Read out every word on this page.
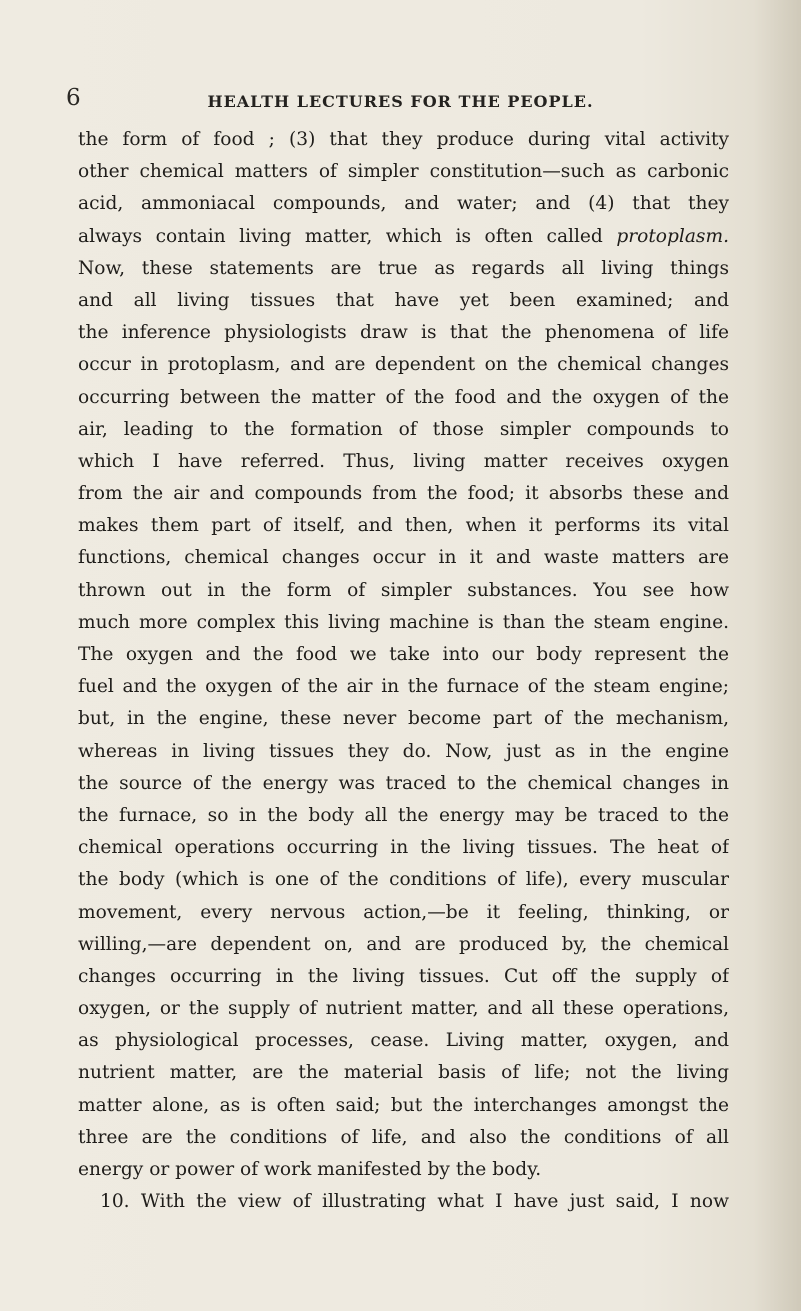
6	HEALTH LECTURES FOR THE PEOPLE.
the form of food ; (3) that they produce during vital activity
other chemical matters of simpler constitution—such as carbonic
acid, ammoniacal compounds, and water; and (4) that they
always contain living matter, which is often called protoplasm.
Now, these statements are true as regards all living things
and all living tissues that have yet been examined; and
the inference physiologists draw is that the phenomena of life
occur in protoplasm, and are dependent on the chemical changes
occurring between the matter of the food and the oxygen of the
air, leading to the formation of those simpler compounds to
which I have referred. Thus, living matter receives oxygen
from the air and compounds from the food; it absorbs these and
makes them part of itself, and then, when it performs its vital
functions, chemical changes occur in it and waste matters are
thrown out in the form of simpler substances. You see how
much more complex this living machine is than the steam engine.
The oxygen and the food we take into our body represent the
fuel and the oxygen of the air in the furnace of the steam engine;
but, in the engine, these never become part of the mechanism,
whereas in living tissues they do. Now, just as in the engine
the source of the energy was traced to the chemical changes in
the furnace, so in the body all the energy may be traced to the
chemical operations occurring in the living tissues. The heat of
the body (which is one of the conditions of life), every muscular
movement, every nervous action,—be it feeling, thinking, or
willing,—are dependent on, and are produced by, the chemical
changes occurring in the living tissues. Cut off the supply of
oxygen, or the supply of nutrient matter, and all these operations,
as physiological processes, cease. Living matter, oxygen, and
nutrient matter, are the material basis of life; not the living
matter alone, as is often said; but the interchanges amongst the
three are the conditions of life, and also the conditions of all
energy or power of work manifested by the body.
10. With the view of illustrating what I have just said, I now
